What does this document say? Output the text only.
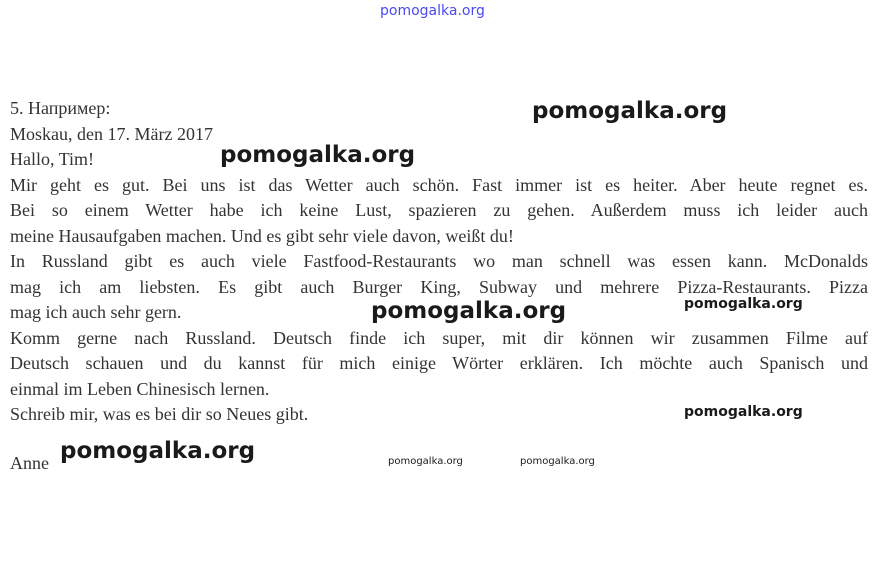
pomogalka.org
5. Например:
Moskau, den 17. März 2017
Hallo, Tim!
Mir geht es gut. Bei uns ist das Wetter auch schön. Fast immer ist es heiter. Aber heute regnet es.
Bei so einem Wetter habe ich keine Lust, spazieren zu gehen. Außerdem muss ich leider auch
meine Hausaufgaben machen. Und es gibt sehr viele davon, weißt du!
In Russland gibt es auch viele Fastfood-Restaurants wo man schnell was essen kann. McDonalds
mag ich am liebsten. Es gibt auch Burger King, Subway und mehrere Pizza-Restaurants. Pizza
mag ich auch sehr gern.
Komm gerne nach Russland. Deutsch finde ich super, mit dir können wir zusammen Filme auf
Deutsch schauen und du kannst für mich einige Wörter erklären. Ich möchte auch Spanisch und
einmal im Leben Chinesisch lernen.
Schreib mir, was es bei dir so Neues gibt.
Anne
pomogalka.org
pomogalka.org
pomogalka.org	pomogalka.org
pomogalka.org
pomogalka.org	pomogalka.org	pomogalka.org
